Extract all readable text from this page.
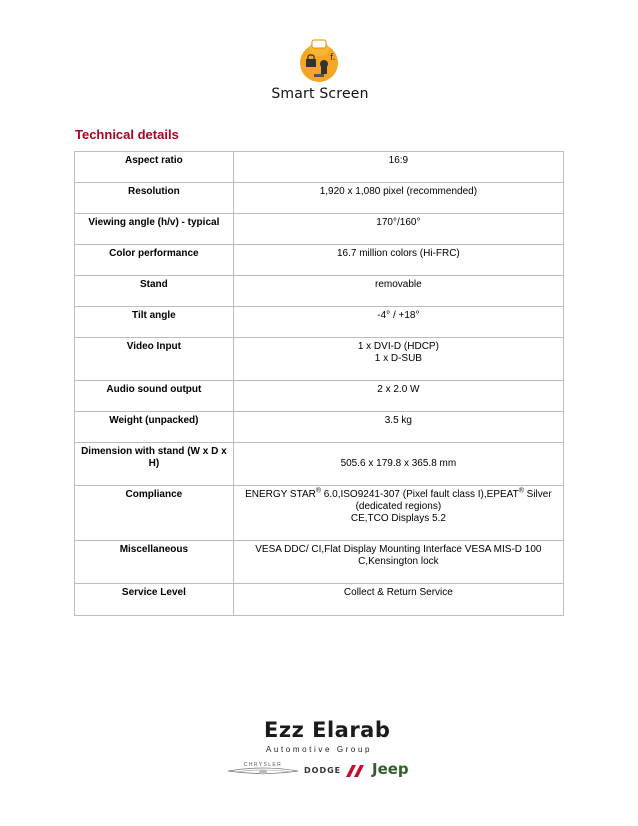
f.
Smart Screen
Technical details
Aspect ratio	16:9
Resolution	1,920 x 1,080 pixel (recommended)
Viewing angle (h/v) - typical	170°/160°
Color performance	16.7 million colors (Hi-FRC)
Stand	removable
Tilt angle	-4° / +18°
Video Input	1 x DVI-D (HDCP)
1 x D-SUB

Audio sound output	2 x 2.0 W
Weight (unpacked)	3.5 kg
Dimension with stand (W x D x H)	505.6 x 179.8 x 365.8 mm
Compliance	ENERGY STAR® 6.0,ISO9241-307 (Pixel fault class I),EPEAT® Silver
(dedicated regions)
CE,TCO Displays 5.2

Miscellaneous	VESA DDC/ CI,Flat Display Mounting Interface VESA MIS-D 100
C,Kensington lock

Service Level	Collect & Return Service
Ezz Elarab
Automotive Group
CHRYSLER
DODGE Jeep
